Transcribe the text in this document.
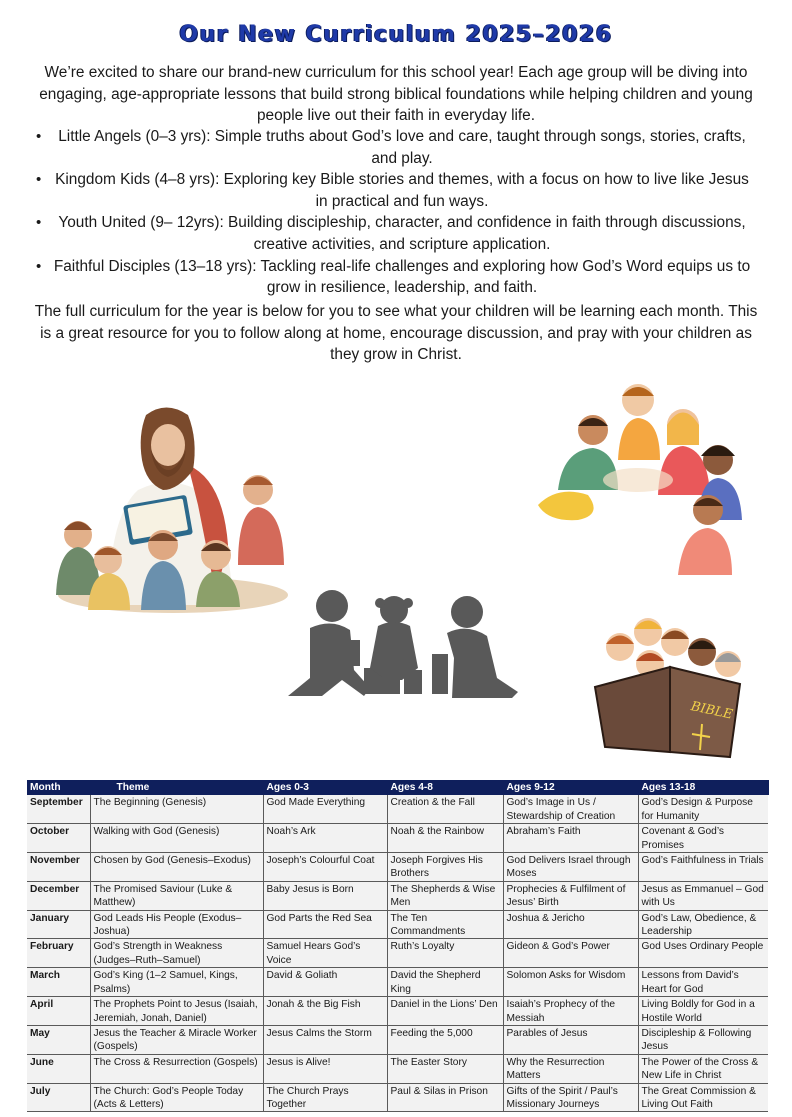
Our New Curriculum 2025–2026

We’re excited to share our brand-new curriculum for this school year! Each age group will be diving into engaging, age-appropriate lessons that build strong biblical foundations while helping children and young people live out their faith in everyday life.

• Little Angels (0–3 yrs): Simple truths about God’s love and care, taught through songs, stories, crafts, and play.
• Kingdom Kids (4–8 yrs): Exploring key Bible stories and themes, with a focus on how to live like Jesus in practical and fun ways.
• Youth United (9– 12yrs): Building discipleship, character, and confidence in faith through discussions, creative activities, and scripture application.
• Faithful Disciples (13–18 yrs): Tackling real-life challenges and exploring how God’s Word equips us to grow in resilience, leadership, and faith.

The full curriculum for the year is below for you to see what your children will be learning each month. This is a great resource for you to follow along at home, encourage discussion, and pray with your children as they grow in Christ.

BIBLE
Month	Theme	Ages 0-3	Ages 4-8	Ages 9-12	Ages 13-18
September	The Beginning (Genesis)	God Made Everything	Creation & the Fall	God’s Image in Us / Stewardship of Creation	God’s Design & Purpose for Humanity
October	Walking with God (Genesis)	Noah’s Ark	Noah & the Rainbow	Abraham’s Faith	Covenant & God’s Promises
November	Chosen by God (Genesis–Exodus)	Joseph’s Colourful Coat	Joseph Forgives His Brothers	God Delivers Israel through Moses	God’s Faithfulness in Trials
December	The Promised Saviour (Luke & Matthew)	Baby Jesus is Born	The Shepherds & Wise Men	Prophecies & Fulfilment of Jesus’ Birth	Jesus as Emmanuel – God with Us
January	God Leads His People (Exodus–Joshua)	God Parts the Red Sea	The Ten Commandments	Joshua & Jericho	God’s Law, Obedience, & Leadership
February	God’s Strength in Weakness (Judges–Ruth–Samuel)	Samuel Hears God’s Voice	Ruth’s Loyalty	Gideon & God’s Power	God Uses Ordinary People
March	God’s King (1–2 Samuel, Kings, Psalms)	David & Goliath	David the Shepherd King	Solomon Asks for Wisdom	Lessons from David’s Heart for God
April	The Prophets Point to Jesus (Isaiah, Jeremiah, Jonah, Daniel)	Jonah & the Big Fish	Daniel in the Lions’ Den	Isaiah’s Prophecy of the Messiah	Living Boldly for God in a Hostile World
May	Jesus the Teacher & Miracle Worker (Gospels)	Jesus Calms the Storm	Feeding the 5,000	Parables of Jesus	Discipleship & Following Jesus
June	The Cross & Resurrection (Gospels)	Jesus is Alive!	The Easter Story	Why the Resurrection Matters	The Power of the Cross & New Life in Christ
July	The Church: God’s People Today (Acts & Letters)	The Church Prays Together	Paul & Silas in Prison	Gifts of the Spirit / Paul’s Missionary Journeys	The Great Commission & Living Out Faith
